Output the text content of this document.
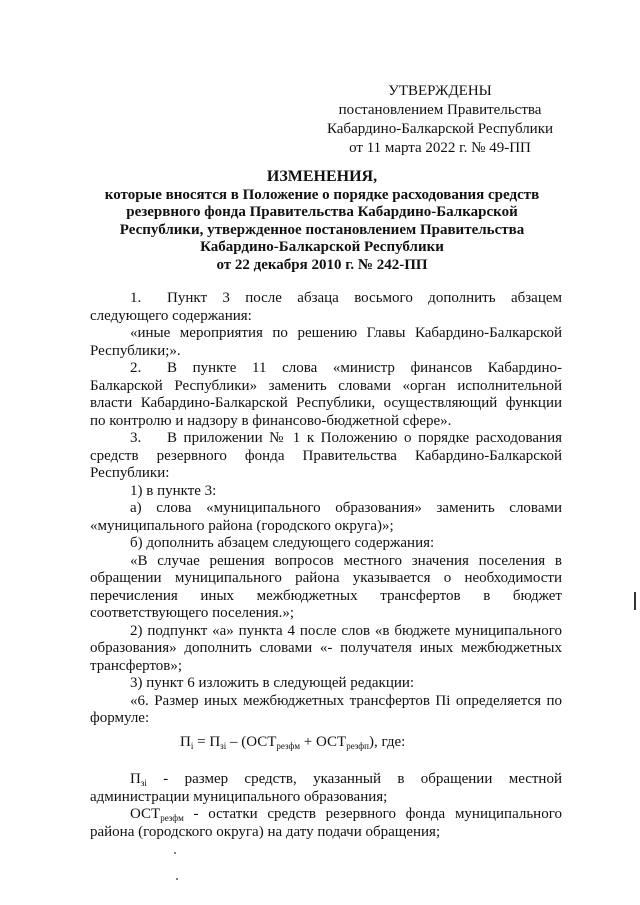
УТВЕРЖДЕНЫ
постановлением Правительства
Кабардино-Балкарской Республики
от 11 марта 2022 г. № 49-ПП
ИЗМЕНЕНИЯ,
которые вносятся в Положение о порядке расходования средств
резервного фонда Правительства Кабардино-Балкарской
Республики, утвержденное постановлением Правительства
Кабардино-Балкарской Республики
от 22 декабря 2010 г. № 242-ПП

1. Пункт 3 после абзаца восьмого дополнить абзацем следующего содержания:

«иные мероприятия по решению Главы Кабардино-Балкарской Республики;».

2. В пункте 11 слова «министр финансов Кабардино-Балкарской Республики» заменить словами «орган исполнительной власти Кабардино-Балкарской Республики, осуществляющий функции по контролю и надзору в финансово-бюджетной сфере».

3. В приложении № 1 к Положению о порядке расходования средств резервного фонда Правительства Кабардино-Балкарской Республики:

1) в пункте 3:

а) слова «муниципального образования» заменить словами «муниципального района (городского округа)»;

б) дополнить абзацем следующего содержания:

«В случае решения вопросов местного значения поселения в обращении муниципального района указывается о необходимости перечисления иных межбюджетных трансфертов в бюджет соответствующего поселения.»;

2) подпункт «а» пункта 4 после слов «в бюджете муниципального образования» дополнить словами «- получателя иных межбюджетных трансфертов»;

3) пункт 6 изложить в следующей редакции:

«6. Размер иных межбюджетных трансфертов Пi определяется по формуле:

$П_i = П_{зi} - (ОСТ_{резфм} + ОСТ_{резфп})$, где:

$П_{зi}$ - размер средств, указанный в обращении местной администрации муниципального образования;

$ОСТ_{резфм}$ - остатки средств резервного фонда муниципального района (городского округа) на дату подачи обращения;
